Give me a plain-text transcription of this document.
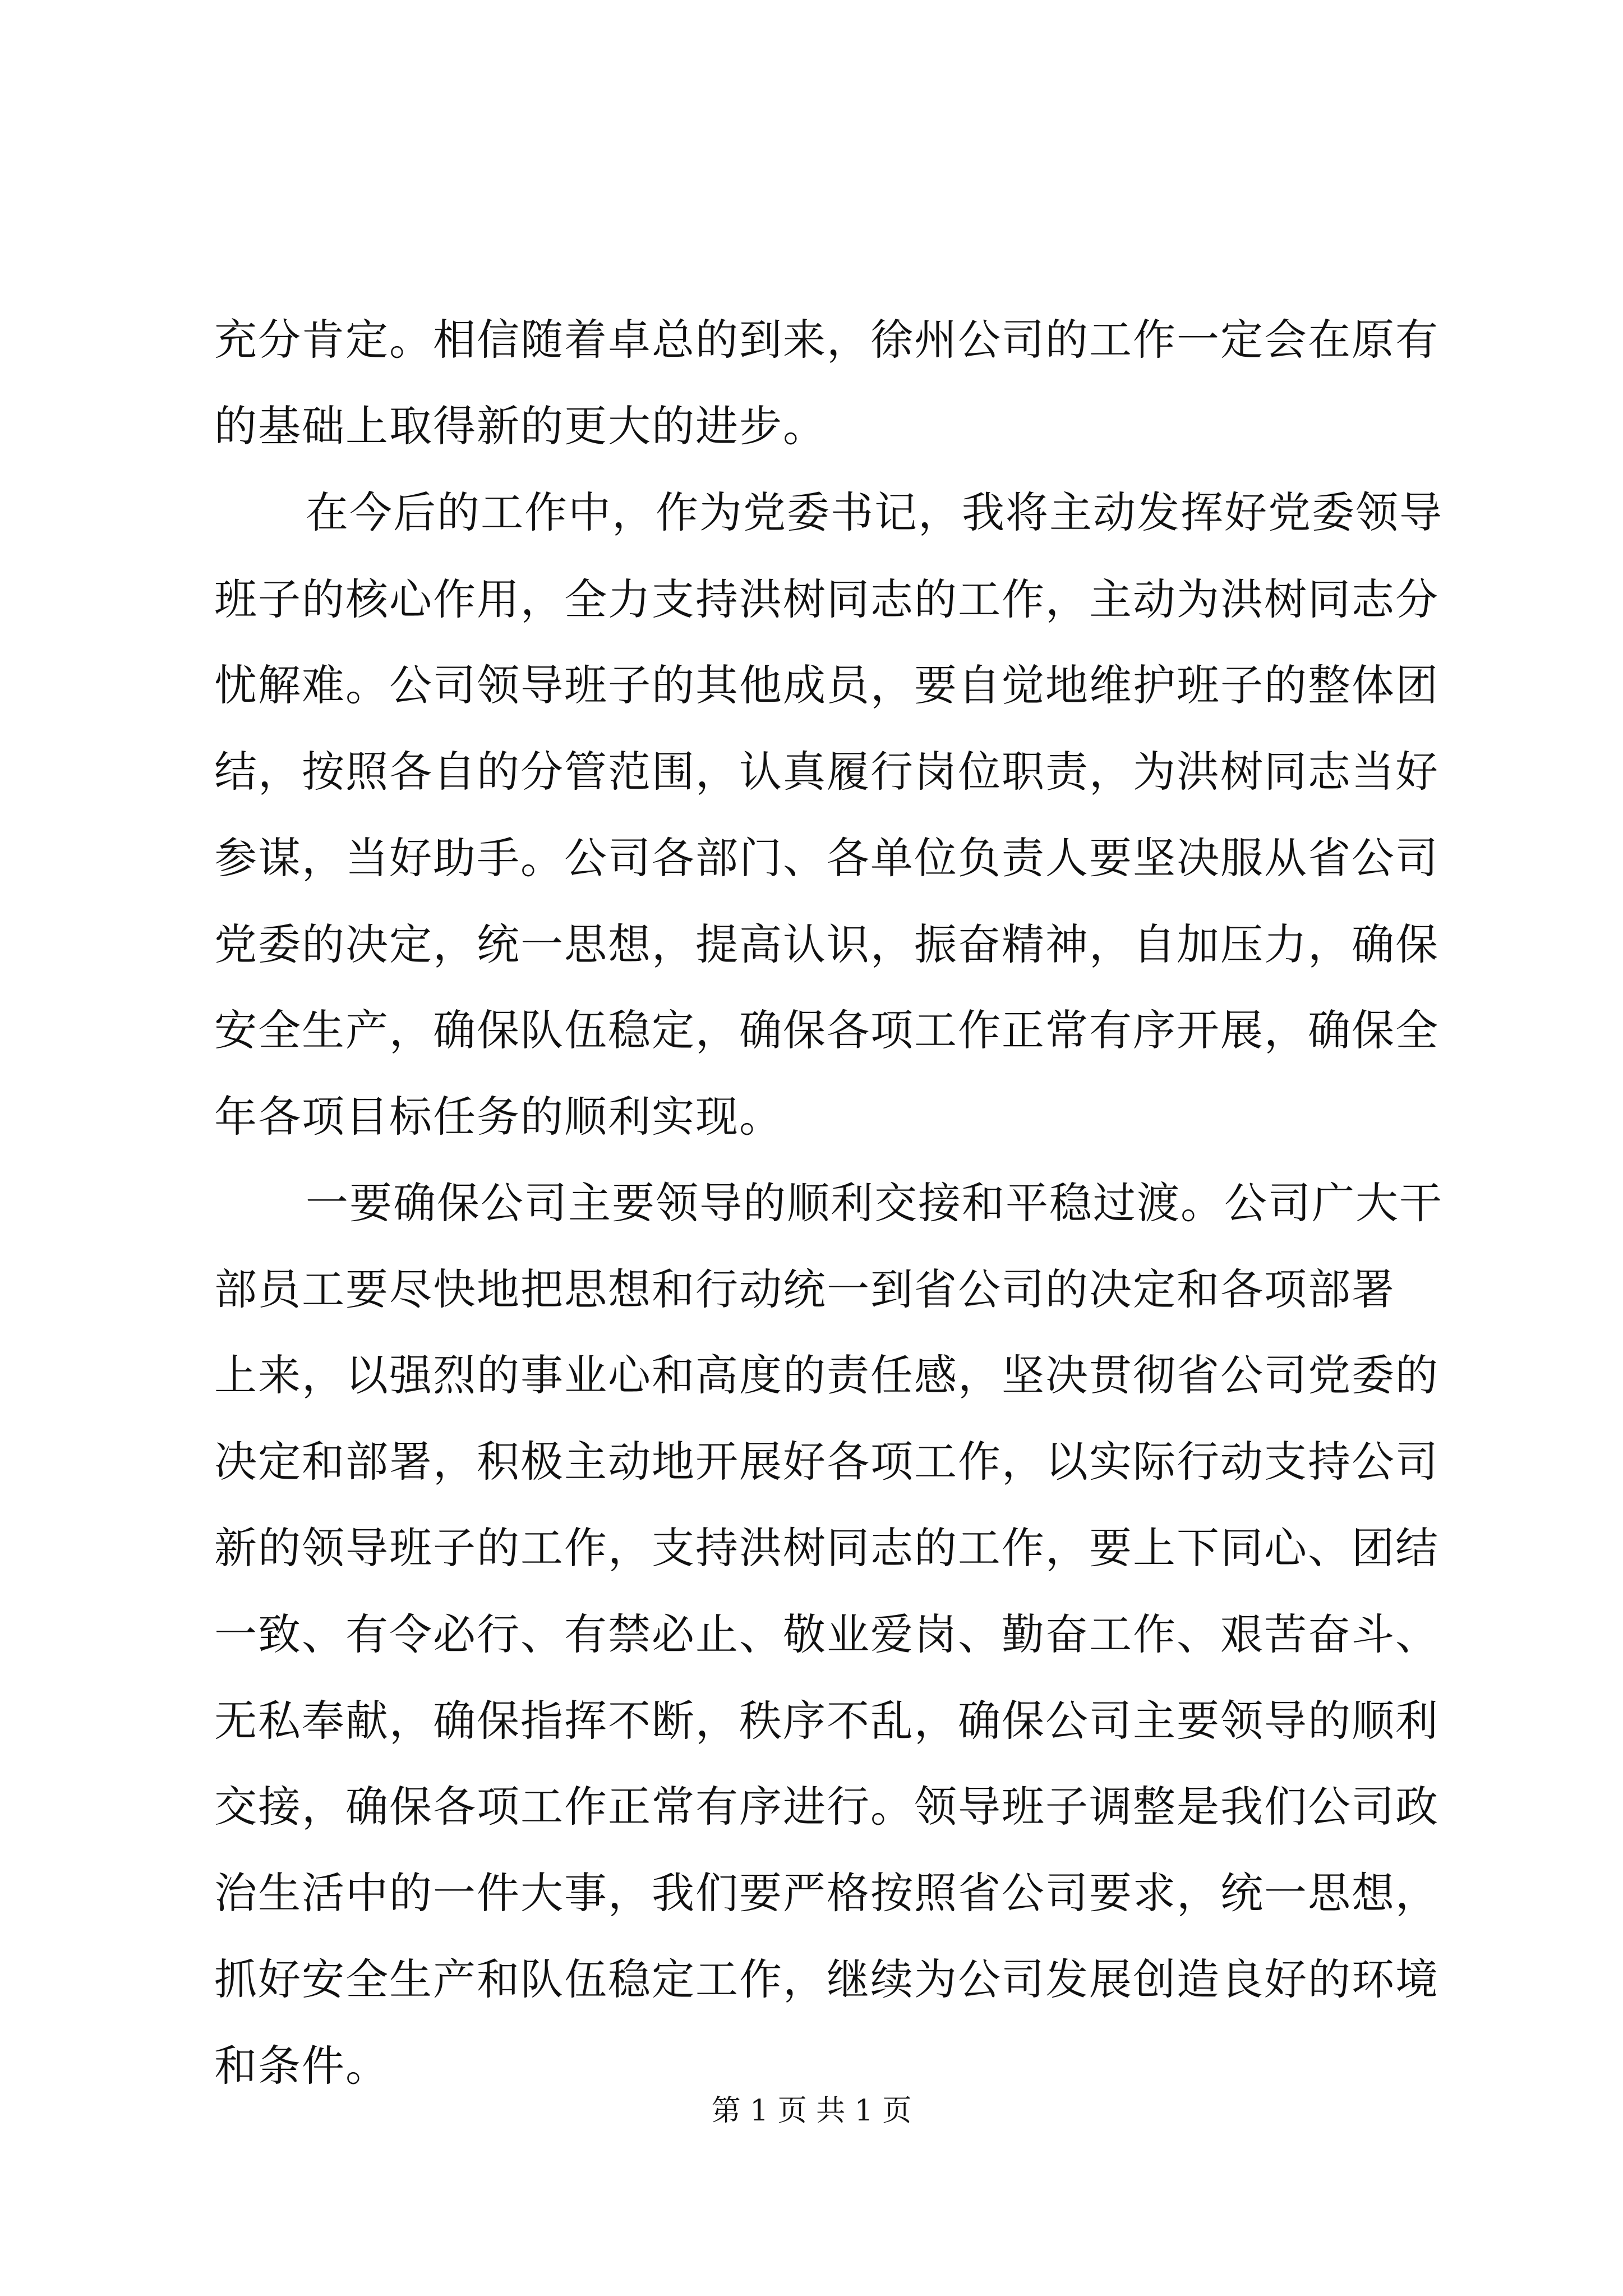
充分肯定。相信随着卓总的到来，徐州公司的工作一定会在原有
的基础上取得新的更大的进步。
在今后的工作中，作为党委书记，我将主动发挥好党委领导
班子的核心作用，全力支持洪树同志的工作，主动为洪树同志分
忧解难。公司领导班子的其他成员，要自觉地维护班子的整体团
结，按照各自的分管范围，认真履行岗位职责，为洪树同志当好
参谋，当好助手。公司各部门、各单位负责人要坚决服从省公司
党委的决定，统一思想，提高认识，振奋精神，自加压力，确保
安全生产，确保队伍稳定，确保各项工作正常有序开展，确保全
年各项目标任务的顺利实现。
一要确保公司主要领导的顺利交接和平稳过渡。公司广大干
部员工要尽快地把思想和行动统一到省公司的决定和各项部署
上来，以强烈的事业心和高度的责任感，坚决贯彻省公司党委的
决定和部署，积极主动地开展好各项工作，以实际行动支持公司
新的领导班子的工作，支持洪树同志的工作，要上下同心、团结
一致、有令必行、有禁必止、敬业爱岗、勤奋工作、艰苦奋斗、
无私奉献，确保指挥不断，秩序不乱，确保公司主要领导的顺利
交接，确保各项工作正常有序进行。领导班子调整是我们公司政
治生活中的一件大事，我们要严格按照省公司要求，统一思想，
抓好安全生产和队伍稳定工作，继续为公司发展创造良好的环境
和条件。
第 1 页 共 1 页
